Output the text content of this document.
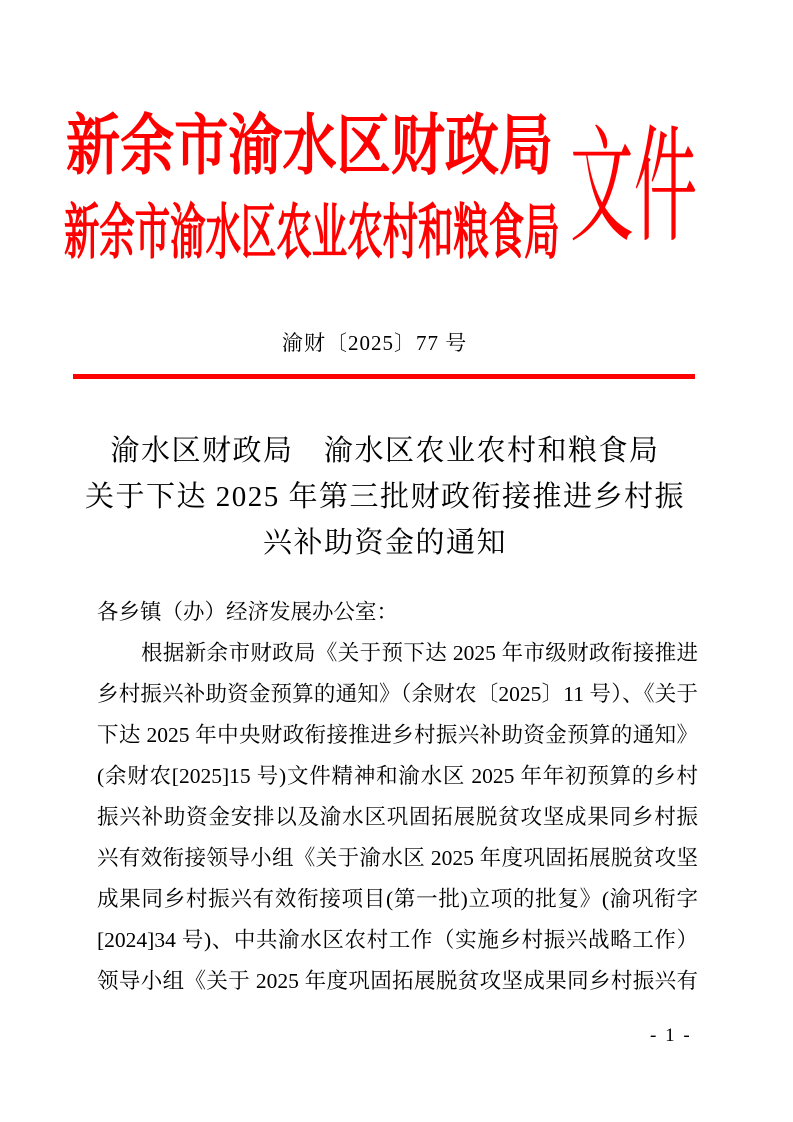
新余市渝水区财政局
新余市渝水区农业农村和粮食局 文件
渝财〔2025〕77 号
渝水区财政局　渝水区农业农村和粮食局
关于下达 2025 年第三批财政衔接推进乡村振
兴补助资金的通知
各乡镇（办）经济发展办公室：
根据新余市财政局《关于预下达 2025 年市级财政衔接推进
乡村振兴补助资金预算的通知》（余财农〔2025〕11 号）、《关于
下达 2025 年中央财政衔接推进乡村振兴补助资金预算的通知》
(余财农[2025]15 号)文件精神和渝水区 2025 年年初预算的乡村
振兴补助资金安排以及渝水区巩固拓展脱贫攻坚成果同乡村振
兴有效衔接领导小组《关于渝水区 2025 年度巩固拓展脱贫攻坚
成果同乡村振兴有效衔接项目(第一批)立项的批复》(渝巩衔字
[2024]34 号)、中共渝水区农村工作（实施乡村振兴战略工作）
领导小组《关于 2025 年度巩固拓展脱贫攻坚成果同乡村振兴有
- 1 -
